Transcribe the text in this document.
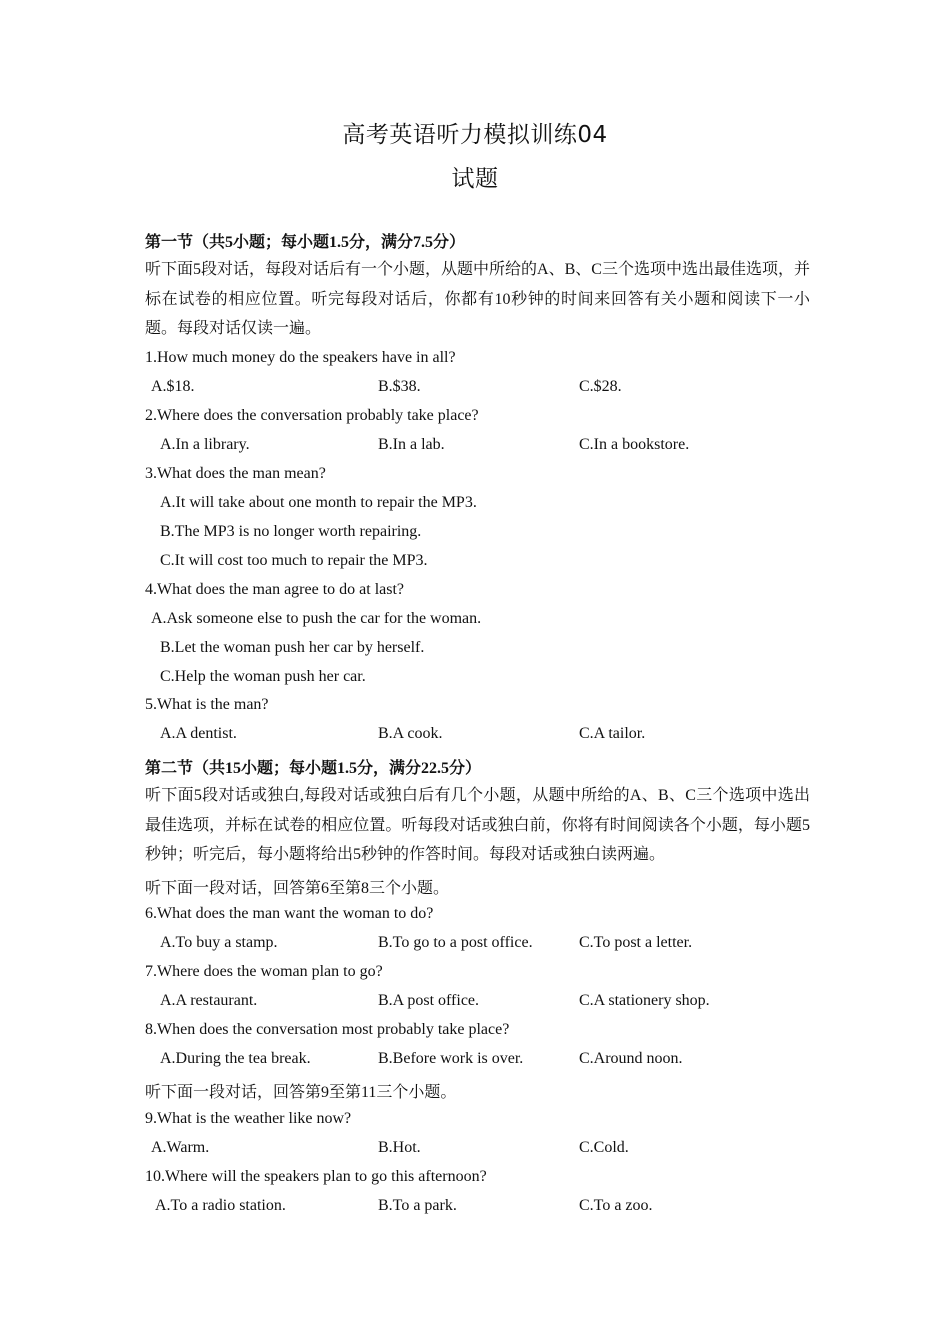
高考英语听力模拟训练04
试题
第一节（共5小题；每小题1.5分，满分7.5分）
听下面5段对话，每段对话后有一个小题，从题中所给的A、B、C三个选项中选出最佳选项，并标在试卷的相应位置。听完每段对话后，你都有10秒钟的时间来回答有关小题和阅读下一小题。每段对话仅读一遍。
1.How much money do the speakers have in all?
A.$18.	B.$38.	C.$28.
2.Where does the conversation probably take place?
A.In a library.	B.In a lab.	C.In a bookstore.
3.What does the man mean?
A.It will take about one month to repair the MP3.
B.The MP3 is no longer worth repairing.
C.It will cost too much to repair the MP3.
4.What does the man agree to do at last?
A.Ask someone else to push the car for the woman.
B.Let the woman push her car by herself.
C.Help the woman push her car.
5.What is the man?
A.A dentist.	B.A cook.	C.A tailor.
第二节（共15小题；每小题1.5分，满分22.5分）
听下面5段对话或独白,每段对话或独白后有几个小题，从题中所给的A、B、C三个选项中选出最佳选项，并标在试卷的相应位置。听每段对话或独白前，你将有时间阅读各个小题，每小题5秒钟；听完后，每小题将给出5秒钟的作答时间。每段对话或独白读两遍。
听下面一段对话，回答第6至第8三个小题。
6.What does the man want the woman to do?
A.To buy a stamp.	B.To go to a post office.	C.To post a letter.
7.Where does the woman plan to go?
A.A restaurant.	B.A post office.	C.A stationery shop.
8.When does the conversation most probably take place?
A.During the tea break.	B.Before work is over.	C.Around noon.
听下面一段对话，回答第9至第11三个小题。
9.What is the weather like now?
A.Warm.	B.Hot.	C.Cold.
10.Where will the speakers plan to go this afternoon?
A.To a radio station.	B.To a park.	C.To a zoo.
